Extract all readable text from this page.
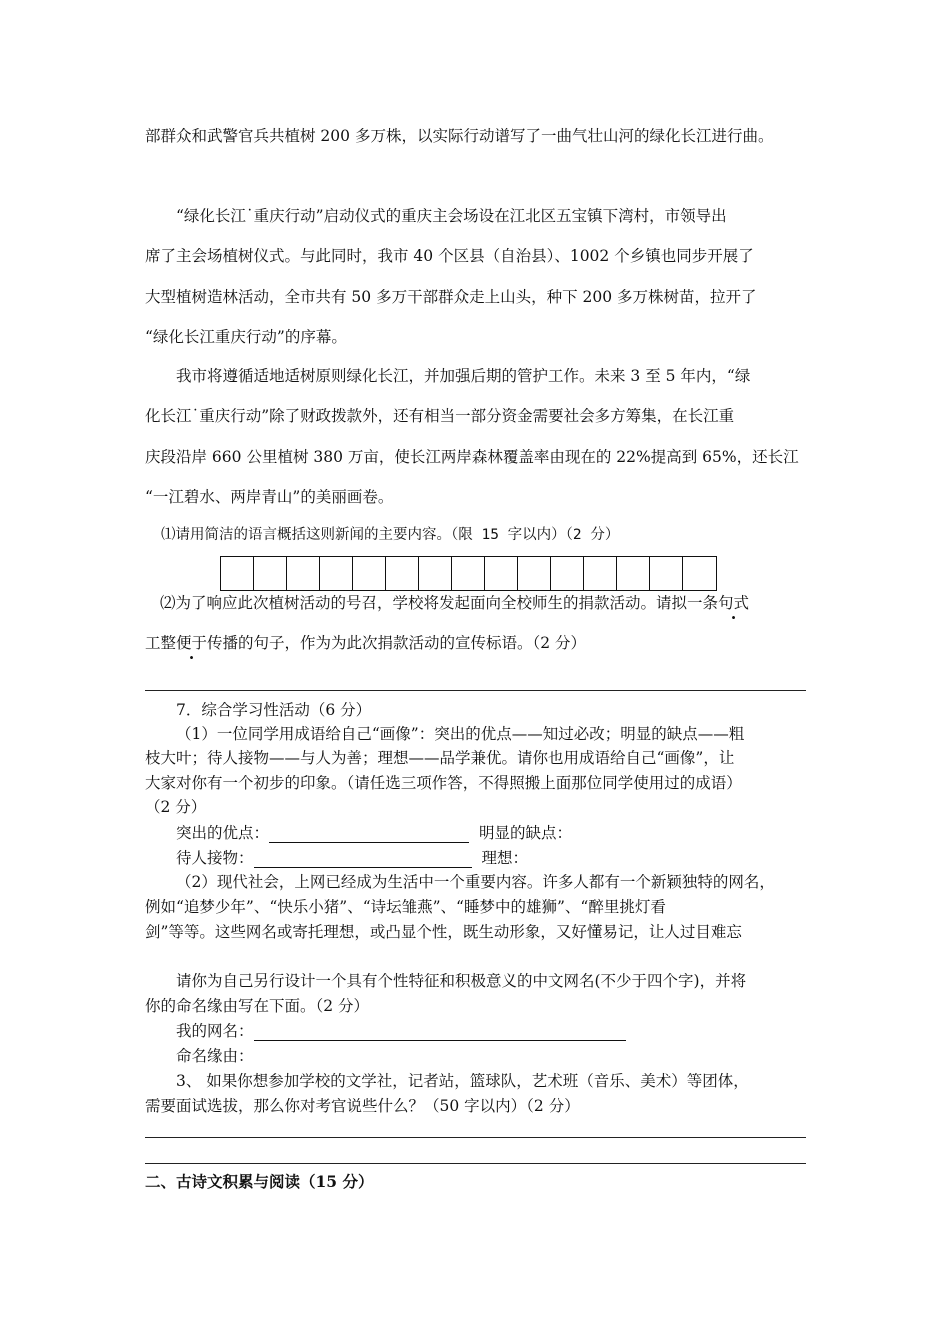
部群众和武警官兵共植树 200 多万株，以实际行动谱写了一曲气壮山河的绿化长江进行曲。
“绿化长江˙重庆行动”启动仪式的重庆主会场设在江北区五宝镇下湾村，市领导出
席了主会场植树仪式。与此同时，我市 40 个区县（自治县）、1002 个乡镇也同步开展了
大型植树造林活动，全市共有 50 多万干部群众走上山头，种下 200 多万株树苗，拉开了
“绿化长江重庆行动”的序幕。
我市将遵循适地适树原则绿化长江，并加强后期的管护工作。未来 3 至 5 年内，“绿
化长江˙重庆行动”除了财政拨款外，还有相当一部分资金需要社会多方筹集，在长江重
庆段沿岸 660 公里植树 380 万亩，使长江两岸森林覆盖率由现在的 22%提高到 65%，还长江
“一江碧水、两岸青山”的美丽画卷。
⑴请用简洁的语言概括这则新闻的主要内容。（限 15 字以内）（2 分）
⑵为了响应此次植树活动的号召，学校将发起面向全校师生的捐款活动。请拟一条句式
工整便于传播 ·的句子，作为为此次捐款活动的宣传标语。（2 分）
7．综合学习性活动（6 分）
（1）一位同学用成语给自己“画像”：突出的优点——知过必改；明显的缺点——粗
枝大叶；待人接物——与人为善；理想——品学兼优。请你也用成语给自己“画像”，让
大家对你有一个初步的印象。（请任选三项作答，不得照搬上面那位同学使用过的成语）
（2 分）
突出的优点：	明显的缺点：
待人接物：	理想：
（2）现代社会，上网已经成为生活中一个重要内容。许多人都有一个新颖独特的网名，
例如“追梦少年”、“快乐小猪”、“诗坛雏燕”、“睡梦中的雄狮”、“醉里挑灯看
剑”等等。这些网名或寄托理想，或凸显个性，既生动形象，又好懂易记，让人过目难忘
请你为自己另行设计一个具有个性特征和积极意义的中文网名(不少于四个字)，并将
你的命名缘由写在下面。（2 分）
我的网名：
命名缘由：
3、 如果你想参加学校的文学社，记者站，篮球队，艺术班（音乐、美术）等团体，
需要面试选拔，那么你对考官说些什么？（50 字以内）（2 分）
二、古诗文积累与阅读（15 分）
